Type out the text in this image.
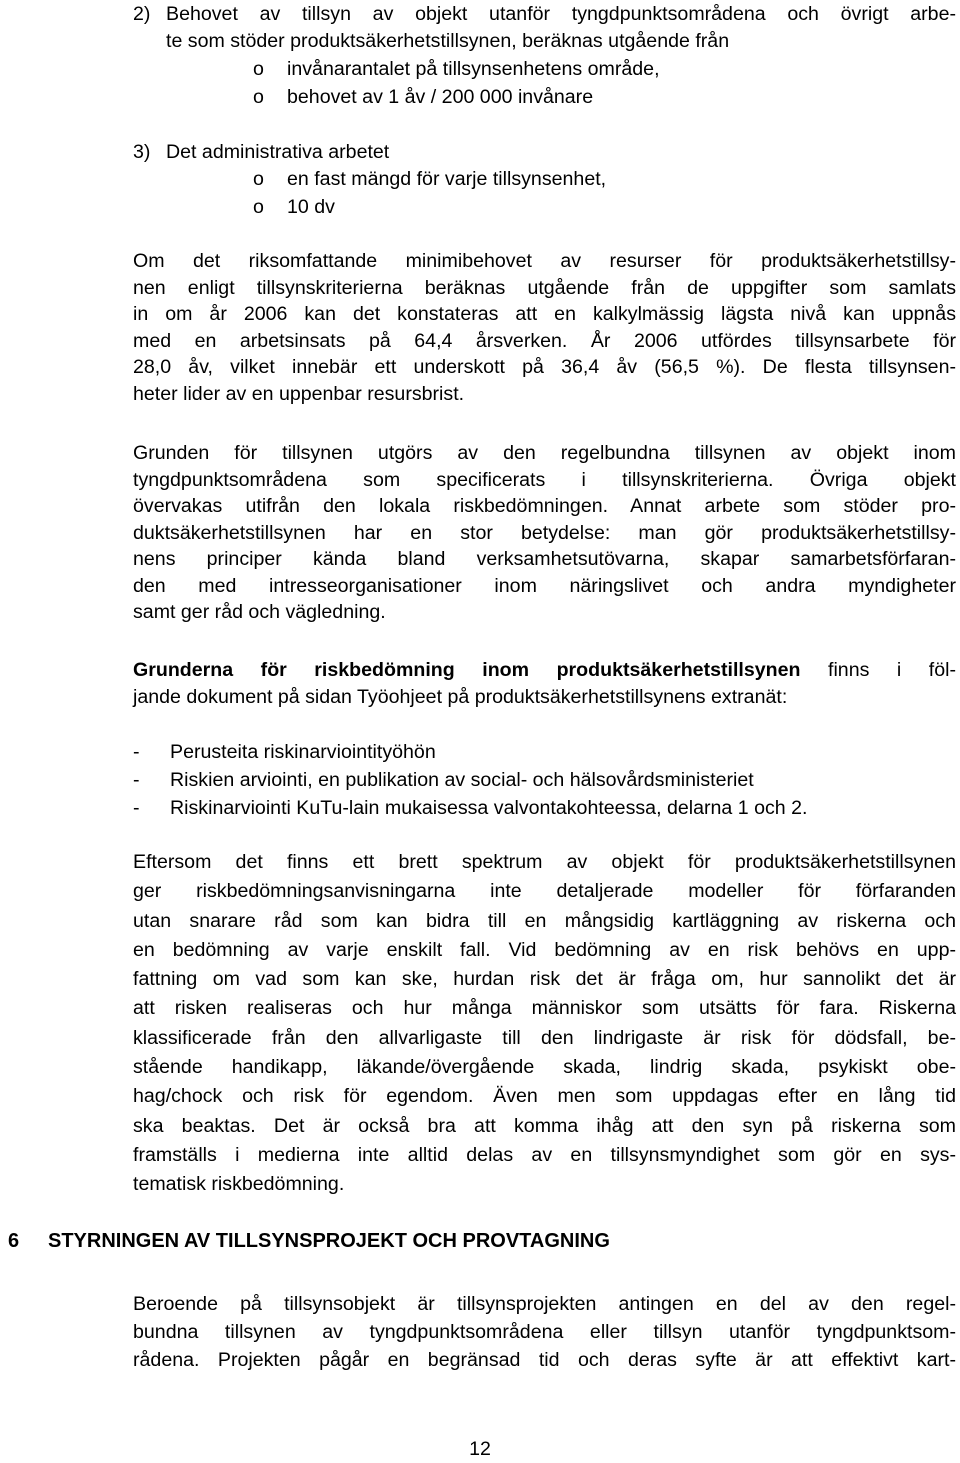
2) Behovet av tillsyn av objekt utanför tyngdpunktsområdena och övrigt arbe-
te som stöder produktsäkerhetstillsynen, beräknas utgående från
o invånarantalet på tillsynsenhetens område,
o behovet av 1 åv / 200 000 invånare
3) Det administrativa arbetet
o en fast mängd för varje tillsynsenhet,
o 10 dv
Om det riksomfattande minimibehovet av resurser för produktsäkerhetstillsy-
nen enligt tillsynskriterierna beräknas utgående från de uppgifter som samlats
in om år 2006 kan det konstateras att en kalkylmässig lägsta nivå kan uppnås
med en arbetsinsats på 64,4 årsverken. År 2006 utfördes tillsynsarbete för
28,0 åv, vilket innebär ett underskott på 36,4 åv (56,5 %). De flesta tillsynsen-
heter lider av en uppenbar resursbrist.
Grunden för tillsynen utgörs av den regelbundna tillsynen av objekt inom
tyngdpunktsområdena som specificerats i tillsynskriterierna. Övriga objekt
övervakas utifrån den lokala riskbedömningen. Annat arbete som stöder pro-
duktsäkerhetstillsynen har en stor betydelse: man gör produktsäkerhetstillsy-
nens principer kända bland verksamhetsutövarna, skapar samarbetsförfaran-
den med intresseorganisationer inom näringslivet och andra myndigheter
samt ger råd och vägledning.
Grunderna för riskbedömning inom produktsäkerhetstillsynen finns i föl-
jande dokument på sidan Työohjeet på produktsäkerhetstillsynens extranät:
- Perusteita riskinarviointityöhön
- Riskien arviointi, en publikation av social- och hälsovårdsministeriet
- Riskinarviointi KuTu-lain mukaisessa valvontakohteessa, delarna 1 och 2.
Eftersom det finns ett brett spektrum av objekt för produktsäkerhetstillsynen
ger riskbedömningsanvisningarna inte detaljerade modeller för förfaranden
utan snarare råd som kan bidra till en mångsidig kartläggning av riskerna och
en bedömning av varje enskilt fall. Vid bedömning av en risk behövs en upp-
fattning om vad som kan ske, hurdan risk det är fråga om, hur sannolikt det är
att risken realiseras och hur många människor som utsätts för fara. Riskerna
klassificerade från den allvarligaste till den lindrigaste är risk för dödsfall, be-
stående handikapp, läkande/övergående skada, lindrig skada, psykiskt obe-
hag/chock och risk för egendom. Även men som uppdagas efter en lång tid
ska beaktas. Det är också bra att komma ihåg att den syn på riskerna som
framställs i medierna inte alltid delas av en tillsynsmyndighet som gör en sys-
tematisk riskbedömning.
6 STYRNINGEN AV TILLSYNSPROJEKT OCH PROVTAGNING
Beroende på tillsynsobjekt är tillsynsprojekten antingen en del av den regel-
bundna tillsynen av tyngdpunktsområdena eller tillsyn utanför tyngdpunktsom-
rådena. Projekten pågår en begränsad tid och deras syfte är att effektivt kart-
12
